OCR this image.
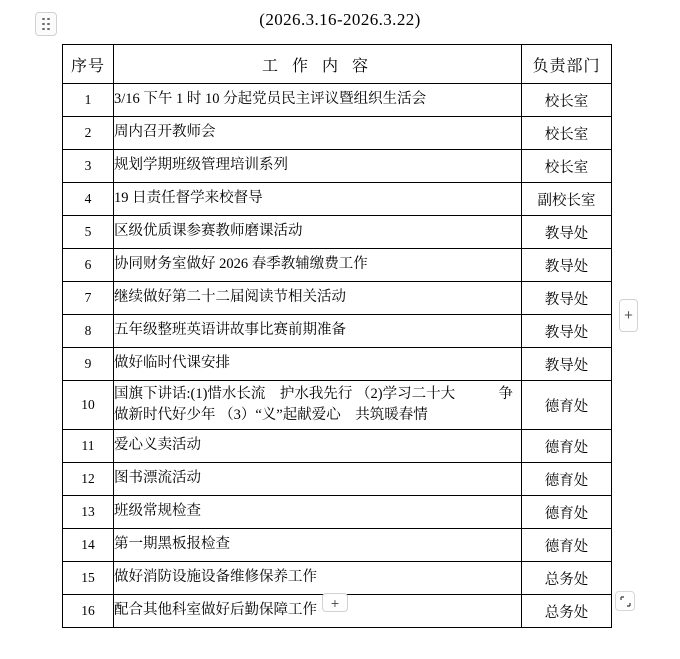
(2026.3.16-2026.3.22)
序号	工 作 内 容	负责部门
1	3/16 下午 1 时 10 分起党员民主评议暨组织生活会	校长室
2	周内召开教师会	校长室
3	规划学期班级管理培训系列	校长室
4	19 日责任督学来校督导	副校长室
5	区级优质课参赛教师磨课活动	教导处
6	协同财务室做好 2026 春季教辅缴费工作	教导处
7	继续做好第二十二届阅读节相关活动	教导处
8	五年级整班英语讲故事比赛前期准备	教导处
9	做好临时代课安排	教导处
10	国旗下讲话:(1)惜水长流　护水我先行 （2)学习二十大 争
做新时代好少年 （3）“义”起献爱心　共筑暖春情	德育处
11	爱心义卖活动	德育处
12	图书漂流活动	德育处
13	班级常规检查	德育处
14	第一期黑板报检查	德育处
15	做好消防设施设备维修保养工作	总务处
16	配合其他科室做好后勤保障工作	总务处
+
+
